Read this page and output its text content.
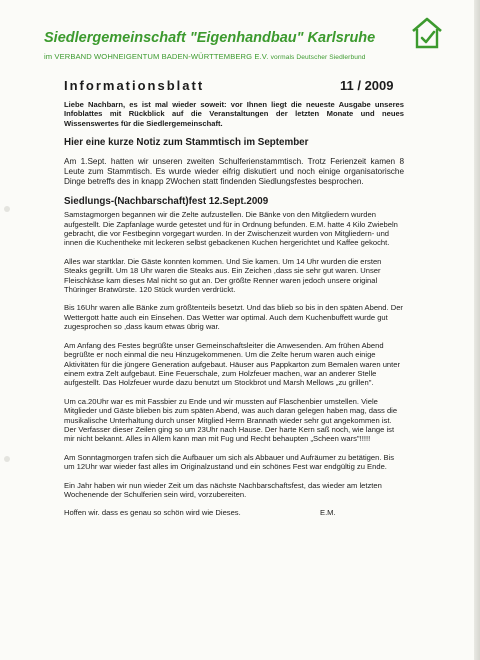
Siedlergemeinschaft "Eigenhandbau" Karlsruhe
im VERBAND WOHNEIGENTUM BADEN-WÜRTTEMBERG E.V. vormals Deutscher Siedlerbund
Informationsblatt	11 / 2009

Liebe Nachbarn, es ist mal wieder soweit: vor Ihnen liegt die neueste Ausgabe unseres Infoblattes mit Rückblick auf die Veranstaltungen der letzten Monate und neues Wissenswertes für die Siedlergemeinschaft.

Hier eine kurze Notiz zum Stammtisch im September

Am 1.Sept. hatten wir unseren zweiten Schulferienstammtisch. Trotz Ferienzeit kamen 8 Leute zum Stammtisch. Es wurde wieder eifrig diskutiert und noch einige organisatorische Dinge betreffs des in knapp 2Wochen statt findenden Siedlungsfestes besprochen.

Siedlungs-(Nachbarschaft)fest 12.Sept.2009

Samstagmorgen begannen wir die Zelte aufzustellen. Die Bänke von den Mitgliedern wurden aufgestellt. Die Zapfanlage wurde getestet und für in Ordnung befunden. E.M. hatte 4 Kilo Zwiebeln gebracht, die vor Festbeginn vorgegart wurden. In der Zwischenzeit wurden von Mitgliedern- und innen die Kuchentheke mit leckeren selbst gebackenen Kuchen hergerichtet und Kaffee gekocht.

Alles war startklar. Die Gäste konnten kommen. Und Sie kamen. Um 14 Uhr wurden die ersten Steaks gegrillt. Um 18 Uhr waren die Steaks aus. Ein Zeichen ,dass sie sehr gut waren. Unser Fleischkäse kam dieses Mal nicht so gut an. Der größte Renner waren jedoch unsere original Thüringer Bratwürste. 120 Stück wurden verdrückt.

Bis 16Uhr waren alle Bänke zum größtenteils besetzt. Und das blieb so bis in den späten Abend. Der Wettergott hatte auch ein Einsehen. Das Wetter war optimal. Auch dem Kuchenbuffett wurde gut zugesprochen so ,dass kaum etwas übrig war.

Am Anfang des Festes begrüßte unser Gemeinschaftsleiter die Anwesenden. Am frühen Abend begrüßte er noch einmal die neu Hinzugekommenen. Um die Zelte herum waren auch einige Aktivitäten für die jüngere Generation aufgebaut. Häuser aus Pappkarton zum Bemalen waren unter einem extra Zelt aufgebaut. Eine Feuerschale, zum Holzfeuer machen, war an anderer Stelle aufgestellt. Das Holzfeuer wurde dazu benutzt um Stockbrot und Marsh Mellows „zu grillen".

Um ca.20Uhr war es mit Fassbier zu Ende und wir mussten auf Flaschenbier umstellen. Viele Mitglieder und Gäste blieben bis zum späten Abend, was auch daran gelegen haben mag, dass die musikalische Unterhaltung durch unser Mitglied Herrn Brannath wieder sehr gut angekommen ist. Der Verfasser dieser Zeilen ging so um 23Uhr nach Hause. Der harte Kern saß noch, wie lange ist mir nicht bekannt. Alles in Allem kann man mit Fug und Recht behaupten „Scheen wars"!!!!!

Am Sonntagmorgen trafen sich die Aufbauer um sich als Abbauer und Aufräumer zu betätigen. Bis um 12Uhr war wieder fast alles im Originalzustand und ein schönes Fest war endgültig zu Ende.

Ein Jahr haben wir nun wieder Zeit um das nächste Nachbarschaftsfest, das wieder am letzten Wochenende der Schulferien sein wird, vorzubereiten.

Hoffen wir. dass es genau so schön wird wie Dieses.	E.M.
